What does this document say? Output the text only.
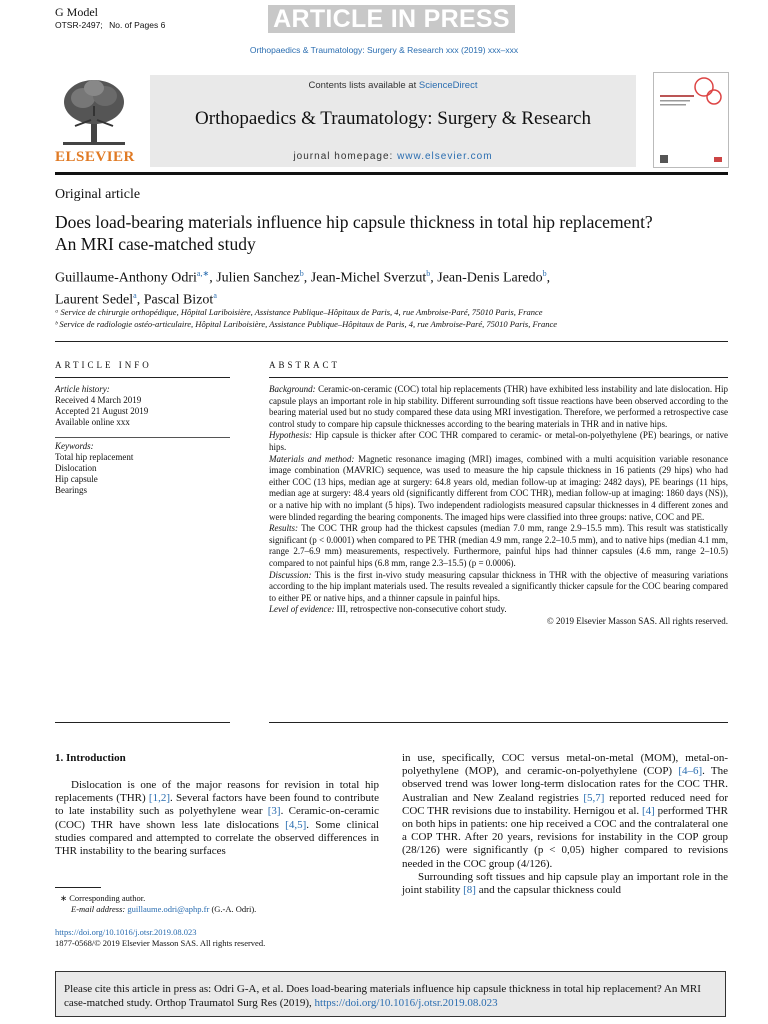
G Model
OTSR-2497; No. of Pages 6	ARTICLE IN PRESS
Orthopaedics & Traumatology: Surgery & Research xxx (2019) xxx–xxx
ELSEVIER
Contents lists available at ScienceDirect
Orthopaedics & Traumatology: Surgery & Research
journal homepage: www.elsevier.com
Original article
Does load-bearing materials influence hip capsule thickness in total hip replacement? An MRI case-matched study
Guillaume-Anthony Odri$^{a,∗}$, Julien Sanchez$^b$, Jean-Michel Sverzut$^b$, Jean-Denis Laredo$^b$,
Laurent Sedel$^a$, Pascal Bizot$^a$
ᵃ Service de chirurgie orthopédique, Hôpital Lariboisière, Assistance Publique–Hôpitaux de Paris, 4, rue Ambroise-Paré, 75010 Paris, France
ᵇ Service de radiologie ostéo-articulaire, Hôpital Lariboisière, Assistance Publique–Hôpitaux de Paris, 4, rue Ambroise-Paré, 75010 Paris, France
ARTICLE INFO	ABSTRACT
Article history:
Received 4 March 2019
Accepted 21 August 2019
Available online xxx
Keywords:
Total hip replacement
Dislocation
Hip capsule
Bearings

Background: Ceramic-on-ceramic (COC) total hip replacements (THR) have exhibited less instability and late dislocation. Hip capsule plays an important role in hip stability. Different surrounding soft tissue reactions have been observed according to the bearing material used but no study compared these data using MRI investigation. Therefore, we performed a retrospective case control study to compare hip capsule thicknesses according to the bearing materials in THR and in native hips.

Hypothesis: Hip capsule is thicker after COC THR compared to ceramic- or metal-on-polyethylene (PE) bearings, or native hips.

Materials and method: Magnetic resonance imaging (MRI) images, combined with a multi acquisition variable resonance image combination (MAVRIC) sequence, was used to measure the hip capsule thickness in 16 patients (29 hips) who had either COC (13 hips, median age at surgery: 64.8 years old, median follow-up at imaging: 2482 days), PE bearings (11 hips, median age at surgery: 48.4 years old (significantly different from COC THR), median follow-up at imaging: 1860 days (NS)), or a native hip with no implant (5 hips). Two independent radiologists measured capsular thicknesses in 4 different zones and were blinded regarding the bearing components. The imaged hips were classified into three groups: native, COC and PE.

Results: The COC THR group had the thickest capsules (median 7.0 mm, range 2.9–15.5 mm). This result was statistically significant (p < 0.0001) when compared to PE THR (median 4.9 mm, range 2.2–10.5 mm), and to native hips (median 4.1 mm, range 2.7–6.9 mm) measurements, respectively. Furthermore, painful hips had thinner capsules (4.6 mm, range 2–10.5) compared to not painful hips (6.8 mm, range 2.3–15.5) (p = 0.0006).

Discussion: This is the first in-vivo study measuring capsular thickness in THR with the objective of measuring variations according to the hip implant materials used. The results revealed a significantly thicker capsule for the COC bearing compared to either PE or native hips, and a thinner capsule in painful hips.

Level of evidence: III, retrospective non-consecutive cohort study.

© 2019 Elsevier Masson SAS. All rights reserved.

1. Introduction

Dislocation is one of the major reasons for revision in total hip replacements (THR) [1,2]. Several factors have been found to contribute to late instability such as polyethylene wear [3]. Ceramic-on-ceramic (COC) THR have shown less late dislocations [4,5]. Some clinical studies compared and attempted to correlate the observed differences in THR instability to the bearing surfaces

in use, specifically, COC versus metal-on-metal (MOM), metal-on-polyethylene (MOP), and ceramic-on-polyethylene (COP) [4–6]. The observed trend was lower long-term dislocation rates for the COC THR. Australian and New Zealand registries [5,7] reported reduced need for COC THR revisions due to instability. Hernigou et al. [4] performed THR on both hips in patients: one hip received a COC and the contralateral one a COP THR. After 20 years, revisions for instability in the COP group (28/126) were significantly (p < 0,05) higher compared to revisions needed in the COC group (4/126).

Surrounding soft tissues and hip capsule play an important role in the joint stability [8] and the capsular thickness could

∗ Corresponding author.
E-mail address: guillaume.odri@aphp.fr (G.-A. Odri).
https://doi.org/10.1016/j.otsr.2019.08.023
1877-0568/© 2019 Elsevier Masson SAS. All rights reserved.
Please cite this article in press as: Odri G-A, et al. Does load-bearing materials influence hip capsule thickness in total hip replacement? An MRI case-matched study. Orthop Traumatol Surg Res (2019), https://doi.org/10.1016/j.otsr.2019.08.023
